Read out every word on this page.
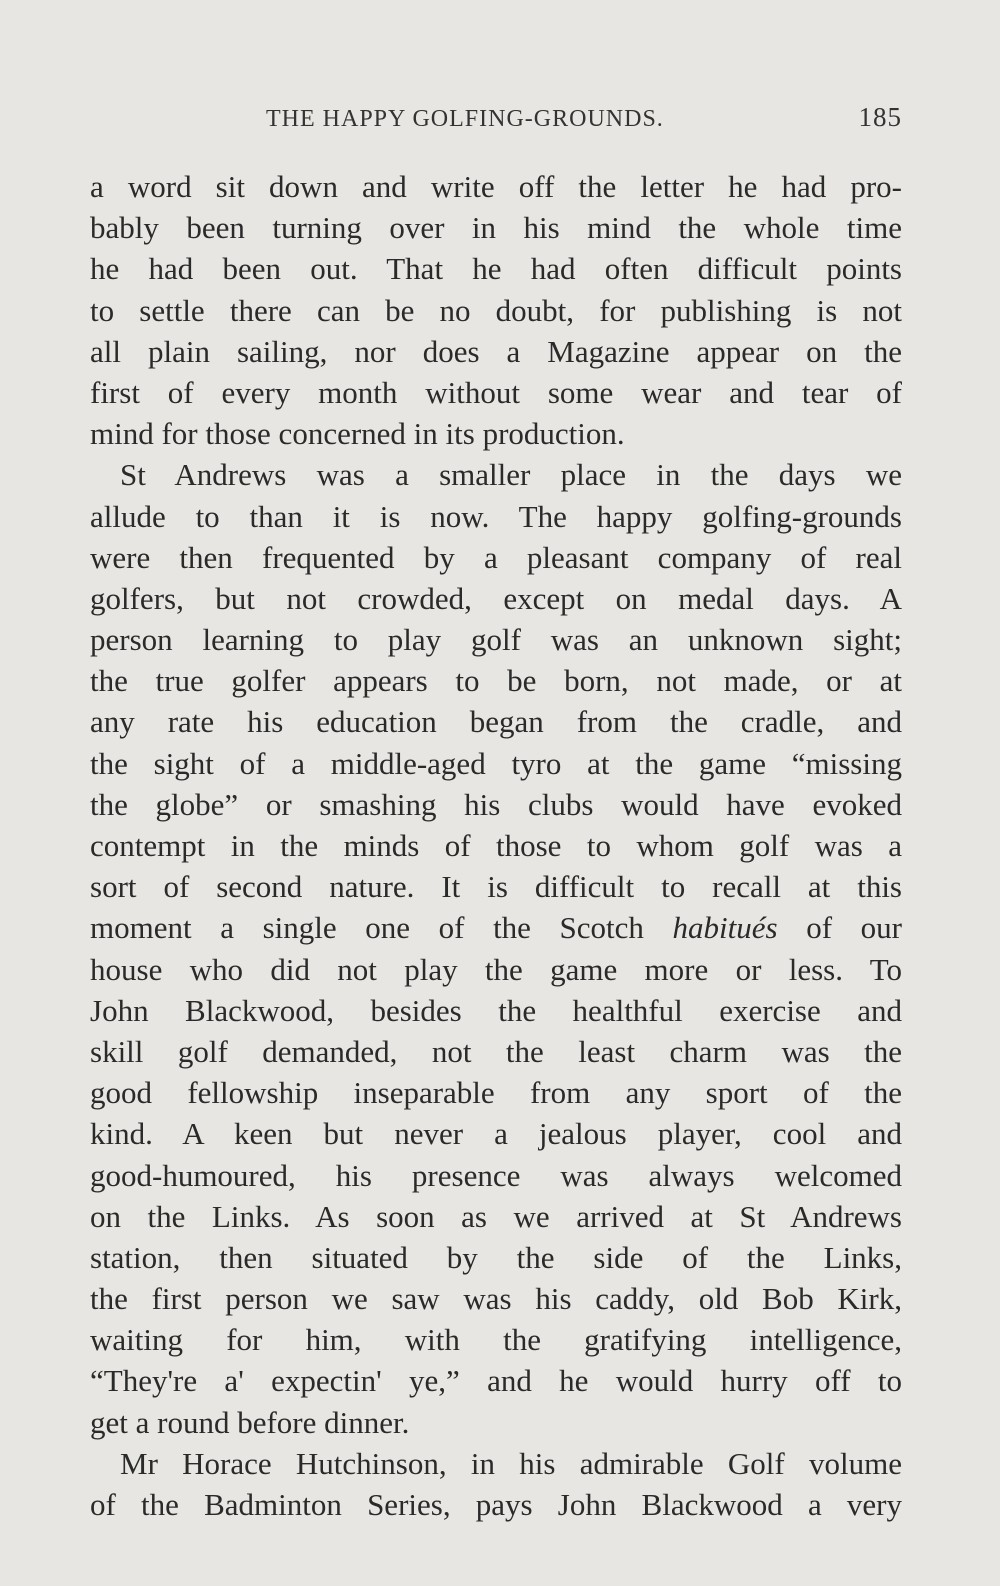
THE HAPPY GOLFING-GROUNDS.	185
a word sit down and write off the letter he had pro-
bably been turning over in his mind the whole time
he had been out. That he had often difficult points
to settle there can be no doubt, for publishing is not
all plain sailing, nor does a Magazine appear on the
first of every month without some wear and tear of
mind for those concerned in its production.
St Andrews was a smaller place in the days we
allude to than it is now. The happy golfing-grounds
were then frequented by a pleasant company of real
golfers, but not crowded, except on medal days. A
person learning to play golf was an unknown sight;
the true golfer appears to be born, not made, or at
any rate his education began from the cradle, and
the sight of a middle-aged tyro at the game “missing
the globe” or smashing his clubs would have evoked
contempt in the minds of those to whom golf was a
sort of second nature. It is difficult to recall at this
moment a single one of the Scotch habitués of our
house who did not play the game more or less. To
John Blackwood, besides the healthful exercise and
skill golf demanded, not the least charm was the
good fellowship inseparable from any sport of the
kind. A keen but never a jealous player, cool and
good-humoured, his presence was always welcomed
on the Links. As soon as we arrived at St Andrews
station, then situated by the side of the Links,
the first person we saw was his caddy, old Bob Kirk,
waiting for him, with the gratifying intelligence,
“They're a' expectin' ye,” and he would hurry off to
get a round before dinner.
Mr Horace Hutchinson, in his admirable Golf volume
of the Badminton Series, pays John Blackwood a very
